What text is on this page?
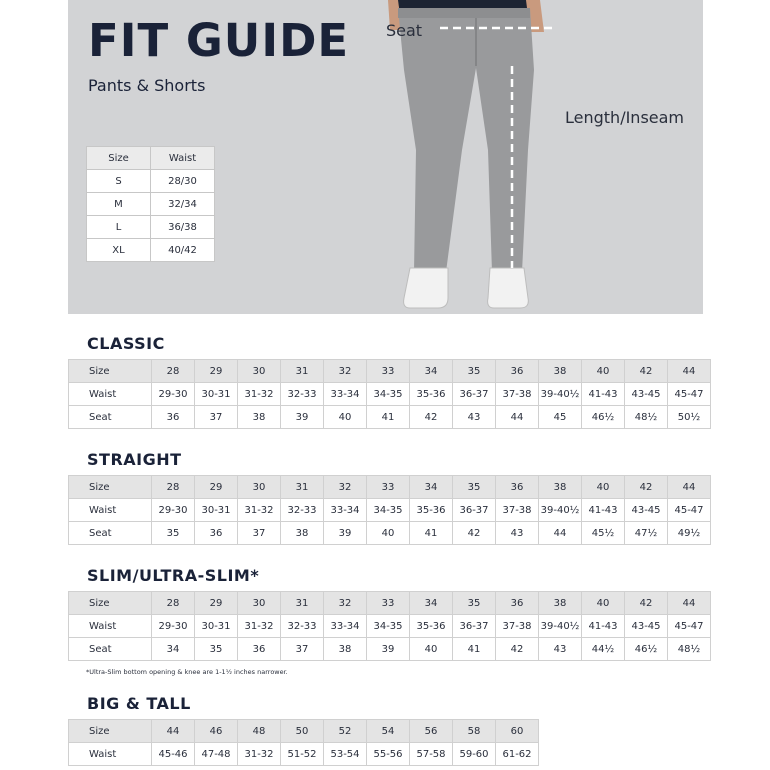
FIT GUIDE
Pants & Shorts
Size	Waist
S	28/30
M	32/34
L	36/38
XL	40/42
Seat
Length/Inseam
CLASSIC
Size	28	29	30	31	32	33	34	35	36	38	40	42	44
Waist	29-30	30-31	31-32	32-33	33-34	34-35	35-36	36-37	37-38	39-40½	41-43	43-45	45-47
Seat	36	37	38	39	40	41	42	43	44	45	46½	48½	50½
STRAIGHT
Size	28	29	30	31	32	33	34	35	36	38	40	42	44
Waist	29-30	30-31	31-32	32-33	33-34	34-35	35-36	36-37	37-38	39-40½	41-43	43-45	45-47
Seat	35	36	37	38	39	40	41	42	43	44	45½	47½	49½
SLIM/ULTRA-SLIM*
Size	28	29	30	31	32	33	34	35	36	38	40	42	44
Waist	29-30	30-31	31-32	32-33	33-34	34-35	35-36	36-37	37-38	39-40½	41-43	43-45	45-47
Seat	34	35	36	37	38	39	40	41	42	43	44½	46½	48½
*Ultra-Slim bottom opening & knee are 1-1½ inches narrower.
BIG & TALL
Size	44	46	48	50	52	54	56	58	60
Waist	45-46	47-48	31-32	51-52	53-54	55-56	57-58	59-60	61-62
